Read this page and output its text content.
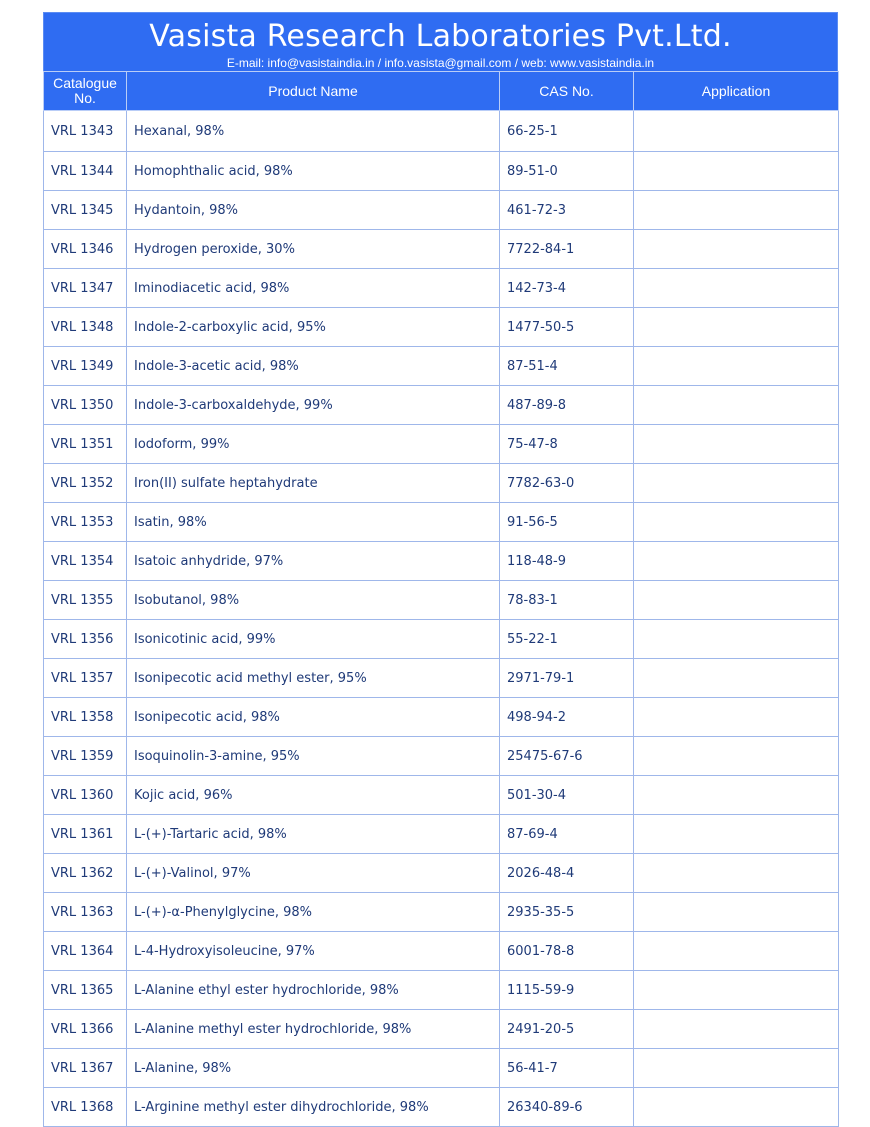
Vasista Research Laboratories Pvt.Ltd.
E-mail: info@vasistaindia.in / info.vasista@gmail.com / web: www.vasistaindia.in
Catalogue
No.	Product Name	CAS No.	Application
VRL 1343	Hexanal, 98%	66-25-1	
VRL 1344	Homophthalic acid, 98%	89-51-0	
VRL 1345	Hydantoin, 98%	461-72-3	
VRL 1346	Hydrogen peroxide, 30%	7722-84-1	
VRL 1347	Iminodiacetic acid, 98%	142-73-4	
VRL 1348	Indole-2-carboxylic acid, 95%	1477-50-5	
VRL 1349	Indole-3-acetic acid, 98%	87-51-4	
VRL 1350	Indole-3-carboxaldehyde, 99%	487-89-8	
VRL 1351	Iodoform, 99%	75-47-8	
VRL 1352	Iron(II) sulfate heptahydrate	7782-63-0	
VRL 1353	Isatin, 98%	91-56-5	
VRL 1354	Isatoic anhydride, 97%	118-48-9	
VRL 1355	Isobutanol, 98%	78-83-1	
VRL 1356	Isonicotinic acid, 99%	55-22-1	
VRL 1357	Isonipecotic acid methyl ester, 95%	2971-79-1	
VRL 1358	Isonipecotic acid, 98%	498-94-2	
VRL 1359	Isoquinolin-3-amine, 95%	25475-67-6	
VRL 1360	Kojic acid, 96%	501-30-4	
VRL 1361	L-(+)-Tartaric acid, 98%	87-69-4	
VRL 1362	L-(+)-Valinol, 97%	2026-48-4	
VRL 1363	L-(+)-α-Phenylglycine, 98%	2935-35-5	
VRL 1364	L-4-Hydroxyisoleucine, 97%	6001-78-8	
VRL 1365	L-Alanine ethyl ester hydrochloride, 98%	1115-59-9	
VRL 1366	L-Alanine methyl ester hydrochloride, 98%	2491-20-5	
VRL 1367	L-Alanine, 98%	56-41-7	
VRL 1368	L-Arginine methyl ester dihydrochloride, 98%	26340-89-6	
